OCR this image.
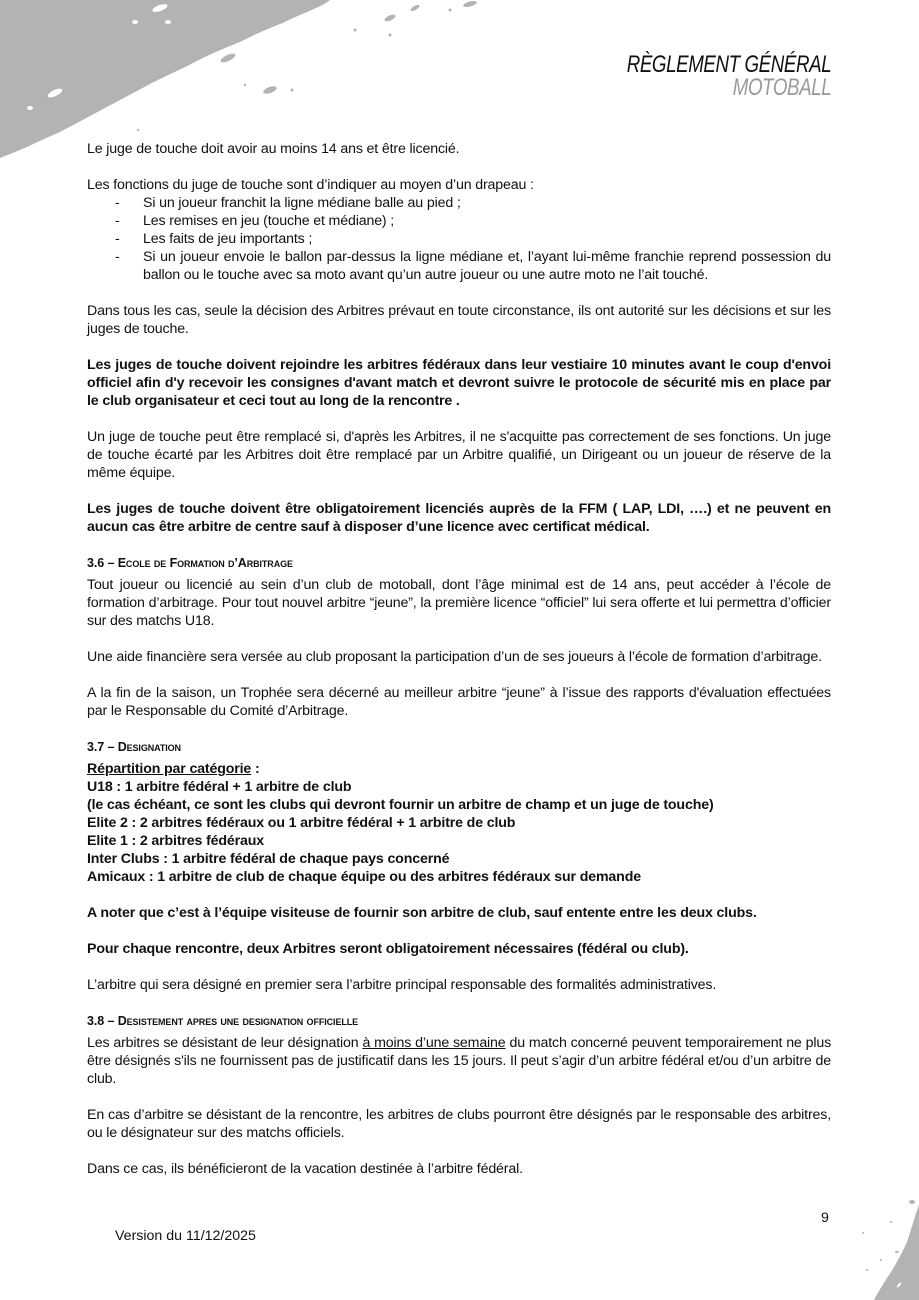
RÈGLEMENT GÉNÉRAL
MOTOBALL

Le juge de touche doit avoir au moins 14 ans et être licencié.

Les fonctions du juge de touche sont d’indiquer au moyen d’un drapeau :

- Si un joueur franchit la ligne médiane balle au pied ;
- Les remises en jeu (touche et médiane) ;
- Les faits de jeu importants ;
- Si un joueur envoie le ballon par-dessus la ligne médiane et, l’ayant lui-même franchie reprend possession du ballon ou le touche avec sa moto avant qu’un autre joueur ou une autre moto ne l’ait touché.

Dans tous les cas, seule la décision des Arbitres prévaut en toute circonstance, ils ont autorité sur les décisions et sur les juges de touche.

Les juges de touche doivent rejoindre les arbitres fédéraux dans leur vestiaire 10 minutes avant le coup d'envoi officiel afin d'y recevoir les consignes d'avant match et devront suivre le protocole de sécurité mis en place par le club organisateur et ceci tout au long de la rencontre .

Un juge de touche peut être remplacé si, d'après les Arbitres, il ne s'acquitte pas correctement de ses fonctions. Un juge de touche écarté par les Arbitres doit être remplacé par un Arbitre qualifié, un Dirigeant ou un joueur de réserve de la même équipe.

Les juges de touche doivent être obligatoirement licenciés auprès de la FFM ( LAP, LDI, ….) et ne peuvent en aucun cas être arbitre de centre sauf à disposer d’une licence avec certificat médical.

3.6 – Ecole de Formation d’Arbitrage

Tout joueur ou licencié au sein d’un club de motoball, dont l’âge minimal est de 14 ans, peut accéder à l’école de formation d’arbitrage. Pour tout nouvel arbitre “jeune”, la première licence “officiel” lui sera offerte et lui permettra d’officier sur des matchs U18.

Une aide financière sera versée au club proposant la participation d’un de ses joueurs à l’école de formation d’arbitrage.

A la fin de la saison, un Trophée sera décerné au meilleur arbitre “jeune” à l’issue des rapports d'évaluation effectuées par le Responsable du Comité d’Arbitrage.

3.7 – Designation
Répartition par catégorie :
U18 : 1 arbitre fédéral + 1 arbitre de club
(le cas échéant, ce sont les clubs qui devront fournir un arbitre de champ et un juge de touche)
Elite 2 : 2 arbitres fédéraux ou 1 arbitre fédéral + 1 arbitre de club
Elite 1 : 2 arbitres fédéraux
Inter Clubs : 1 arbitre fédéral de chaque pays concerné
Amicaux : 1 arbitre de club de chaque équipe ou des arbitres fédéraux sur demande

A noter que c’est à l’équipe visiteuse de fournir son arbitre de club, sauf entente entre les deux clubs.

Pour chaque rencontre, deux Arbitres seront obligatoirement nécessaires (fédéral ou club).

L’arbitre qui sera désigné en premier sera l’arbitre principal responsable des formalités administratives.

3.8 – Desistement apres une designation officielle

Les arbitres se désistant de leur désignation à moins d’une semaine du match concerné peuvent temporairement ne plus être désignés s'ils ne fournissent pas de justificatif dans les 15 jours. Il peut s’agir d’un arbitre fédéral et/ou d’un arbitre de club.

En cas d’arbitre se désistant de la rencontre, les arbitres de clubs pourront être désignés par le responsable des arbitres, ou le désignateur sur des matchs officiels.

Dans ce cas, ils bénéficieront de la vacation destinée à l’arbitre fédéral.

9
Version du 11/12/2025
